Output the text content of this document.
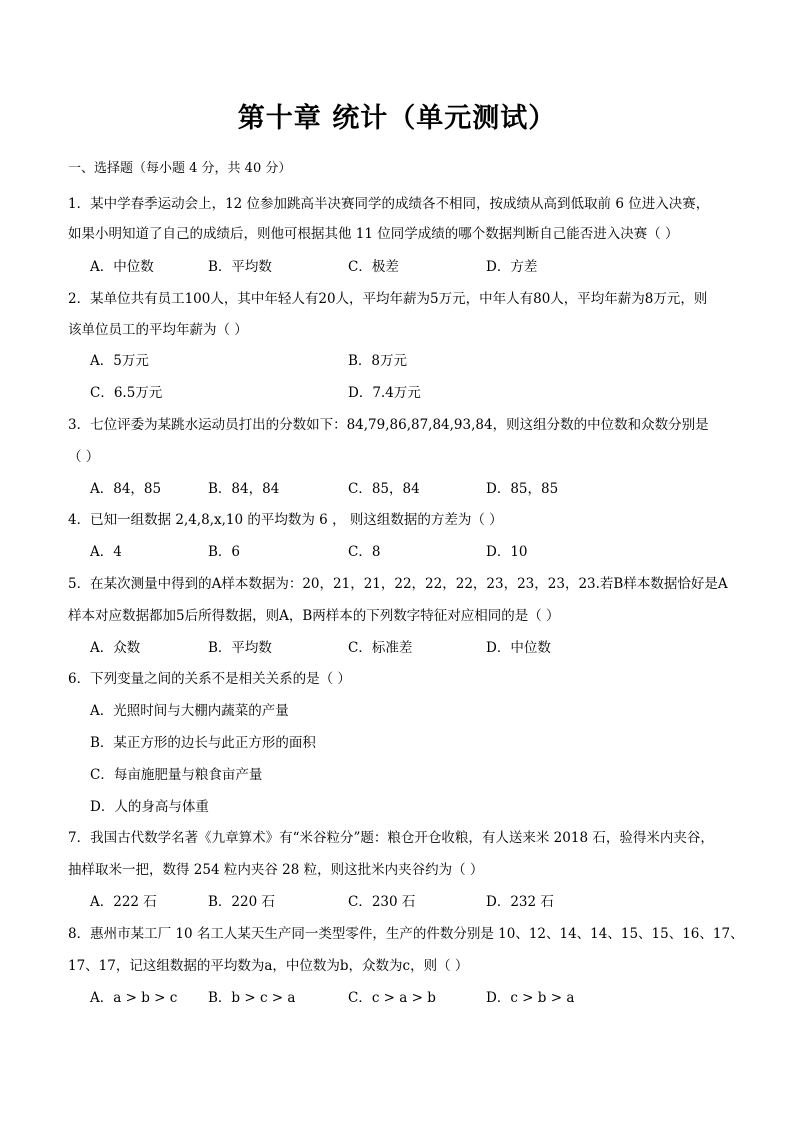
第十章 统计（单元测试）
一、选择题（每小题 4 分，共 40 分）
1．某中学春季运动会上，12 位参加跳高半决赛同学的成绩各不相同，按成绩从高到低取前 6 位进入决赛，
如果小明知道了自己的成绩后，则他可根据其他 11 位同学成绩的哪个数据判断自己能否进入决赛（ ）
A．中位数	B．平均数	C．极差	D．方差
2．某单位共有员工100人，其中年轻人有20人，平均年薪为5万元，中年人有80人，平均年薪为8万元，则
该单位员工的平均年薪为（ ）
A．5万元	B．8万元
C．6.5万元	D．7.4万元
3．七位评委为某跳水运动员打出的分数如下：84,79,86,87,84,93,84，则这组分数的中位数和众数分别是
（ ）
A．84，85	B．84，84	C．85，84	D．85，85
4．已知一组数据 2,4,8,x,10 的平均数为 6 ， 则这组数据的方差为（ ）
A．4	B．6	C．8	D．10
5．在某次测量中得到的A样本数据为：20，21，21，22，22，22，23，23，23，23.若B样本数据恰好是A
样本对应数据都加5后所得数据，则A，B两样本的下列数字特征对应相同的是（ ）
A．众数	B．平均数	C．标准差	D．中位数
6．下列变量之间的关系不是相关关系的是（ ）
A．光照时间与大棚内蔬菜的产量
B．某正方形的边长与此正方形的面积
C．每亩施肥量与粮食亩产量
D．人的身高与体重
7．我国古代数学名著《九章算术》有“米谷粒分”题：粮仓开仓收粮，有人送来米 2018 石，验得米内夹谷，
抽样取米一把，数得 254 粒内夹谷 28 粒，则这批米内夹谷约为（ ）
A．222 石	B．220 石	C．230 石	D．232 石
8．惠州市某工厂 10 名工人某天生产同一类型零件，生产的件数分别是 10、12、14、14、15、15、16、17、
17、17，记这组数据的平均数为a，中位数为b，众数为c，则（ ）
A．a > b > c B．b > c > a	C．c > a > b	D．c > b > a
